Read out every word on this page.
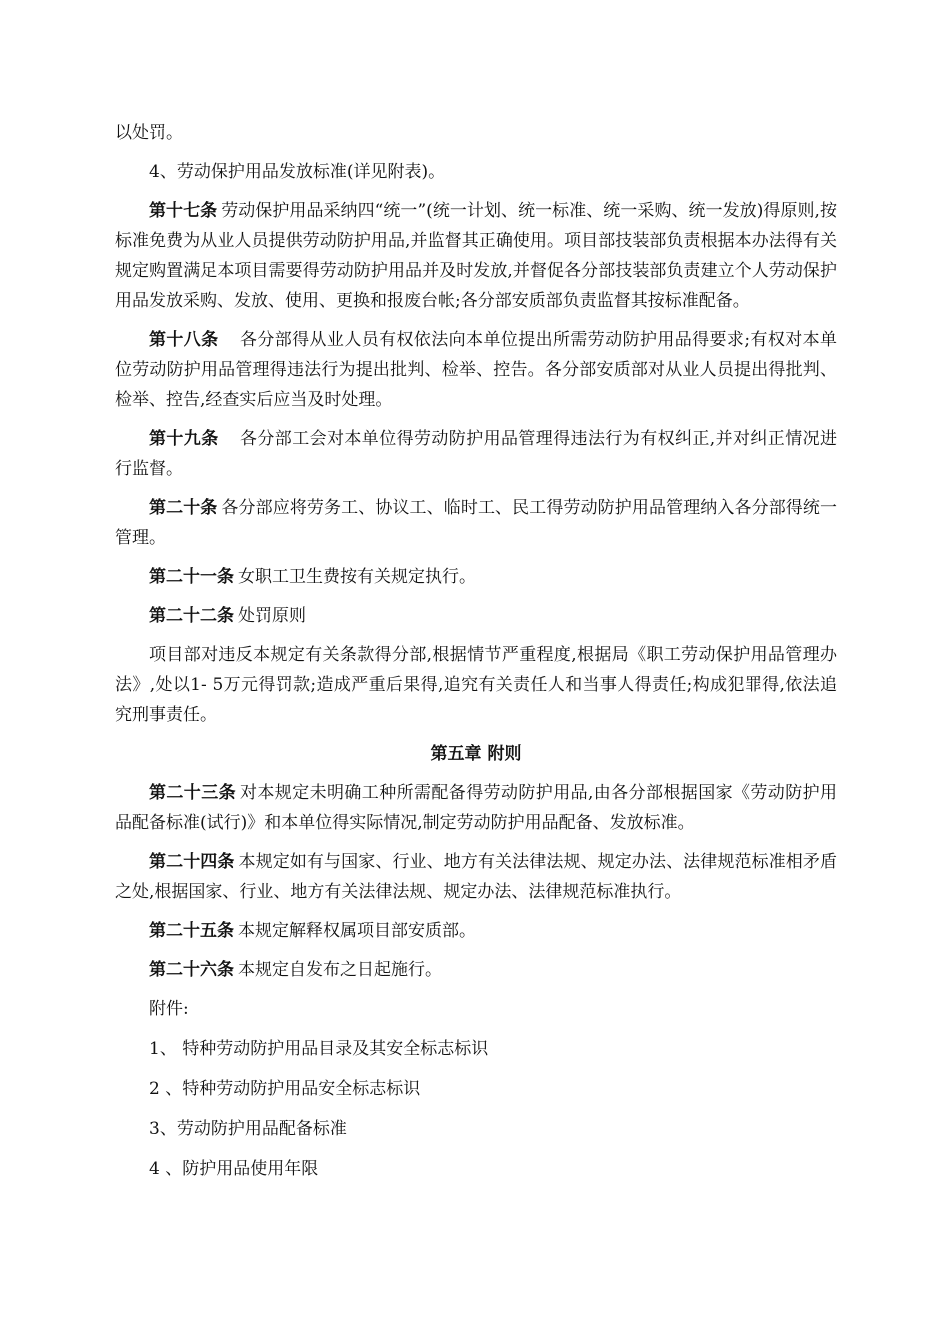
以处罚。

4、劳动保护用品发放标准(详见附表)。

第十七条 劳动保护用品采纳四“统一”(统一计划、统一标准、统一采购、统一发放)得原则,按标准免费为从业人员提供劳动防护用品,并监督其正确使用。项目部技装部负责根据本办法得有关规定购置满足本项目需要得劳动防护用品并及时发放,并督促各分部技装部负责建立个人劳动保护用品发放采购、发放、使用、更换和报废台帐;各分部安质部负责监督其按标准配备。

第十八条  各分部得从业人员有权依法向本单位提出所需劳动防护用品得要求;有权对本单位劳动防护用品管理得违法行为提出批判、检举、控告。各分部安质部对从业人员提出得批判、检举、控告,经查实后应当及时处理。

第十九条  各分部工会对本单位得劳动防护用品管理得违法行为有权纠正,并对纠正情况进行监督。

第二十条 各分部应将劳务工、协议工、临时工、民工得劳动防护用品管理纳入各分部得统一管理。

第二十一条 女职工卫生费按有关规定执行。

第二十二条 处罚原则

项目部对违反本规定有关条款得分部,根据情节严重程度,根据局《职工劳动保护用品管理办法》,处以1- 5万元得罚款;造成严重后果得,追究有关责任人和当事人得责任;构成犯罪得,依法追究刑事责任。

第五章 附则

第二十三条 对本规定未明确工种所需配备得劳动防护用品,由各分部根据国家《劳动防护用品配备标准(试行)》和本单位得实际情况,制定劳动防护用品配备、发放标准。

第二十四条 本规定如有与国家、行业、地方有关法律法规、规定办法、法律规范标准相矛盾之处,根据国家、行业、地方有关法律法规、规定办法、法律规范标准执行。

第二十五条 本规定解释权属项目部安质部。

第二十六条 本规定自发布之日起施行。

附件:
1、 特种劳动防护用品目录及其安全标志标识
2 、特种劳动防护用品安全标志标识
3、劳动防护用品配备标准
4 、防护用品使用年限
